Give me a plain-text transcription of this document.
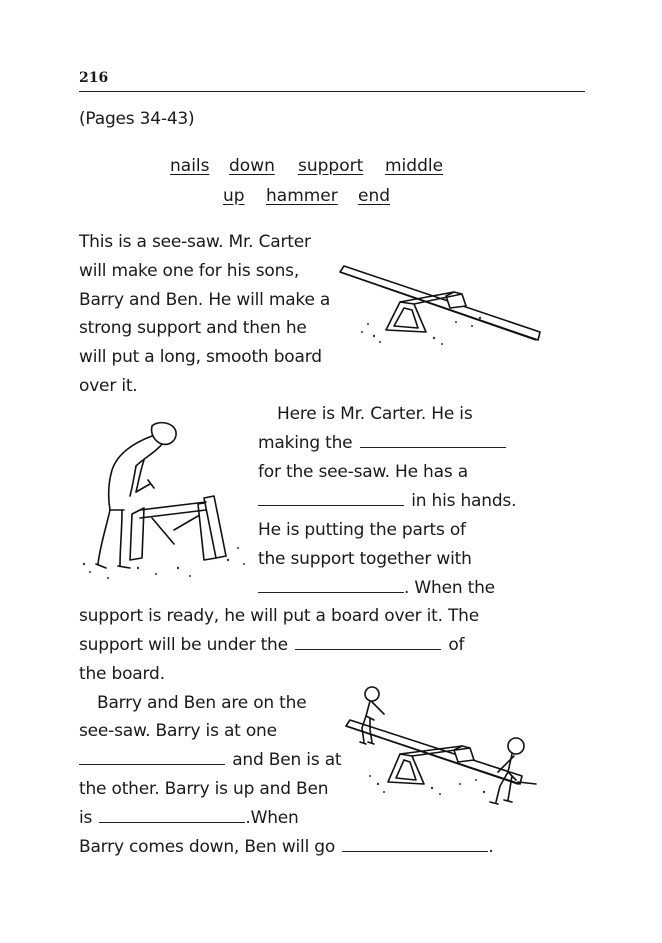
216
(Pages 34-43)
nails down support middle
up hammer end
This is a see-saw. Mr. Carter
will make one for his sons,
Barry and Ben. He will make a
strong support and then he
will put a long, smooth board
over it.
Here is Mr. Carter. He is
making the
for the see-saw. He has a
in his hands.
He is putting the parts of
the support together with
. When the
support is ready, he will put a board over it. The
support will be under the	of
the board.
Barry and Ben are on the
see-saw. Barry is at one
and Ben is at
the other. Barry is up and Ben
is	.When
Barry comes down, Ben will go	.
